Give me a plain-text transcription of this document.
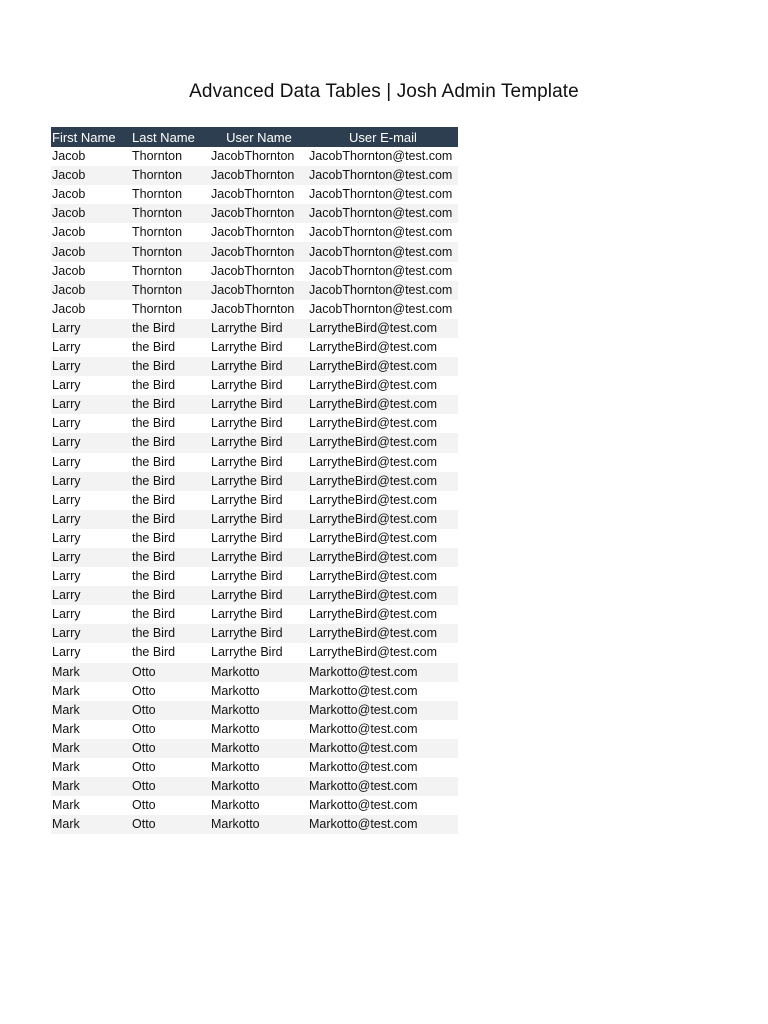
Advanced Data Tables | Josh Admin Template
First Name	Last Name	User Name	User E-mail
Jacob	Thornton	JacobThornton	JacobThornton@test.com
Jacob	Thornton	JacobThornton	JacobThornton@test.com
Jacob	Thornton	JacobThornton	JacobThornton@test.com
Jacob	Thornton	JacobThornton	JacobThornton@test.com
Jacob	Thornton	JacobThornton	JacobThornton@test.com
Jacob	Thornton	JacobThornton	JacobThornton@test.com
Jacob	Thornton	JacobThornton	JacobThornton@test.com
Jacob	Thornton	JacobThornton	JacobThornton@test.com
Jacob	Thornton	JacobThornton	JacobThornton@test.com
Larry	the Bird	Larrythe Bird	LarrytheBird@test.com
Larry	the Bird	Larrythe Bird	LarrytheBird@test.com
Larry	the Bird	Larrythe Bird	LarrytheBird@test.com
Larry	the Bird	Larrythe Bird	LarrytheBird@test.com
Larry	the Bird	Larrythe Bird	LarrytheBird@test.com
Larry	the Bird	Larrythe Bird	LarrytheBird@test.com
Larry	the Bird	Larrythe Bird	LarrytheBird@test.com
Larry	the Bird	Larrythe Bird	LarrytheBird@test.com
Larry	the Bird	Larrythe Bird	LarrytheBird@test.com
Larry	the Bird	Larrythe Bird	LarrytheBird@test.com
Larry	the Bird	Larrythe Bird	LarrytheBird@test.com
Larry	the Bird	Larrythe Bird	LarrytheBird@test.com
Larry	the Bird	Larrythe Bird	LarrytheBird@test.com
Larry	the Bird	Larrythe Bird	LarrytheBird@test.com
Larry	the Bird	Larrythe Bird	LarrytheBird@test.com
Larry	the Bird	Larrythe Bird	LarrytheBird@test.com
Larry	the Bird	Larrythe Bird	LarrytheBird@test.com
Larry	the Bird	Larrythe Bird	LarrytheBird@test.com
Mark	Otto	Markotto	Markotto@test.com
Mark	Otto	Markotto	Markotto@test.com
Mark	Otto	Markotto	Markotto@test.com
Mark	Otto	Markotto	Markotto@test.com
Mark	Otto	Markotto	Markotto@test.com
Mark	Otto	Markotto	Markotto@test.com
Mark	Otto	Markotto	Markotto@test.com
Mark	Otto	Markotto	Markotto@test.com
Mark	Otto	Markotto	Markotto@test.com
